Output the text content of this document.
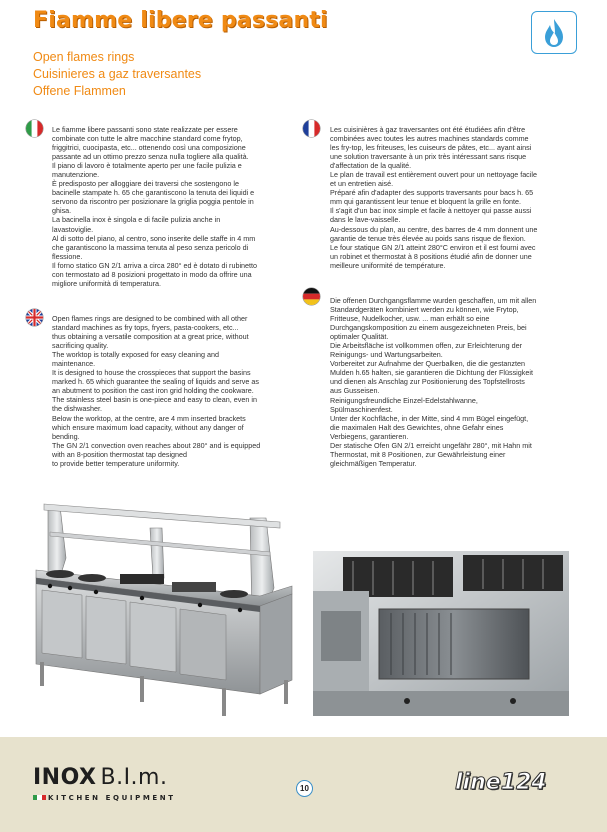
Fiamme libere passanti
Open flames rings
Cuisinieres a gaz traversantes
Offene Flammen

Le fiamme libere passanti sono state realizzate per essere
combinate con tutte le altre macchine standard come frytop,
friggitrici, cuocipasta, etc... ottenendo così una composizione
passante ad un ottimo prezzo senza nulla togliere alla qualità.
Il piano di lavoro è totalmente aperto per une facile pulizia e
manutenzione.
È predisposto per alloggiare dei traversi che sostengono le
bacinelle stampate h. 65 che garantiscono la tenuta dei liquidi e
servono da riscontro per posizionare la griglia poggia pentole in
ghisa.
La bacinella inox è singola e di facile pulizia anche in
lavastoviglie.
Al di sotto del piano, al centro, sono inserite delle staffe in 4 mm
che garantiscono la massima tenuta al peso senza pericolo di
flessione.
Il forno statico GN 2/1 arriva a circa 280° ed è dotato di rubinetto
con termostato ad 8 posizioni progettato in modo da offrire una
migliore uniformità di temperatura.

Open flames rings are designed to be combined with all other
standard machines as fry tops, fryers, pasta-cookers, etc...
thus obtaining a versatile composition at a great price, without
sacrificing quality.
The worktop is totally exposed for easy cleaning and
maintenance.
It is designed to house the crosspieces that support the basins
marked h. 65 which guarantee the sealing of liquids and serve as
an abutment to position the cast iron grid holding the cookware.
The stainless steel basin is one-piece and easy to clean, even in
the dishwasher.
Below the worktop, at the centre, are 4 mm inserted brackets
which ensure maximum load capacity, without any danger of
bending.
The GN 2/1 convection oven reaches about 280° and is equipped
with an 8-position thermostat tap designed
to provide better temperature uniformity.

Les cuisinières à gaz traversantes ont été étudiées afin d'être
combinées avec toutes les autres machines standards comme
les fry-top, les friteuses, les cuiseurs de pâtes, etc... ayant ainsi
une solution traversante à un prix très intéressant sans risque
d'affectation de la qualité.
Le plan de travail est entièrement ouvert pour un nettoyage facile
et un entretien aisé.
Préparé afin d'adapter des supports traversants pour bacs h. 65
mm qui garantissent leur tenue et bloquent la grille en fonte.
Il s'agit d'un bac inox simple et facile à nettoyer qui passe aussi
dans le lave-vaisselle.
Au-dessous du plan, au centre, des barres de 4 mm donnent une
garantie de tenue très élevée au poids sans risque de flexion.
Le four statique GN 2/1 atteint 280°C environ et il est fourni avec
un robinet et thermostat à 8 positions étudié afin de donner une
meilleure uniformité de température.

Die offenen Durchgangsflamme wurden geschaffen, um mit allen
Standardgeräten kombiniert werden zu können, wie Frytop,
Fritteuse, Nudelkocher, usw. ... man erhält so eine
Durchgangskomposition zu einem ausgezeichneten Preis, bei
optimaler Qualität.
Die Arbeitsfläche ist vollkommen offen, zur Erleichterung der
Reinigungs- und Wartungsarbeiten.
Vorbereitet zur Aufnahme der Querbalken, die die gestanzten
Mulden h.65 halten, sie garantieren die Dichtung der Flüssigkeit
und dienen als Anschlag zur Positionierung des Topfstellrosts
aus Gusseisen.
Reinigungsfreundliche Einzel-Edelstahlwanne,
Spülmaschinenfest.
Unter der Kochfläche, in der Mitte, sind 4 mm Bügel eingefügt,
die maximalen Halt des Gewichtes, ohne Gefahr eines
Verbiegens, garantieren.
Der statische Ofen GN 2/1 erreicht ungefähr 280°, mit Hahn mit
Thermostat, mit 8 Positionen, zur Gewährleistung einer
gleichmäßigen Temperatur.

INOX B.I.m.
KITCHEN EQUIPMENT
10	line124
